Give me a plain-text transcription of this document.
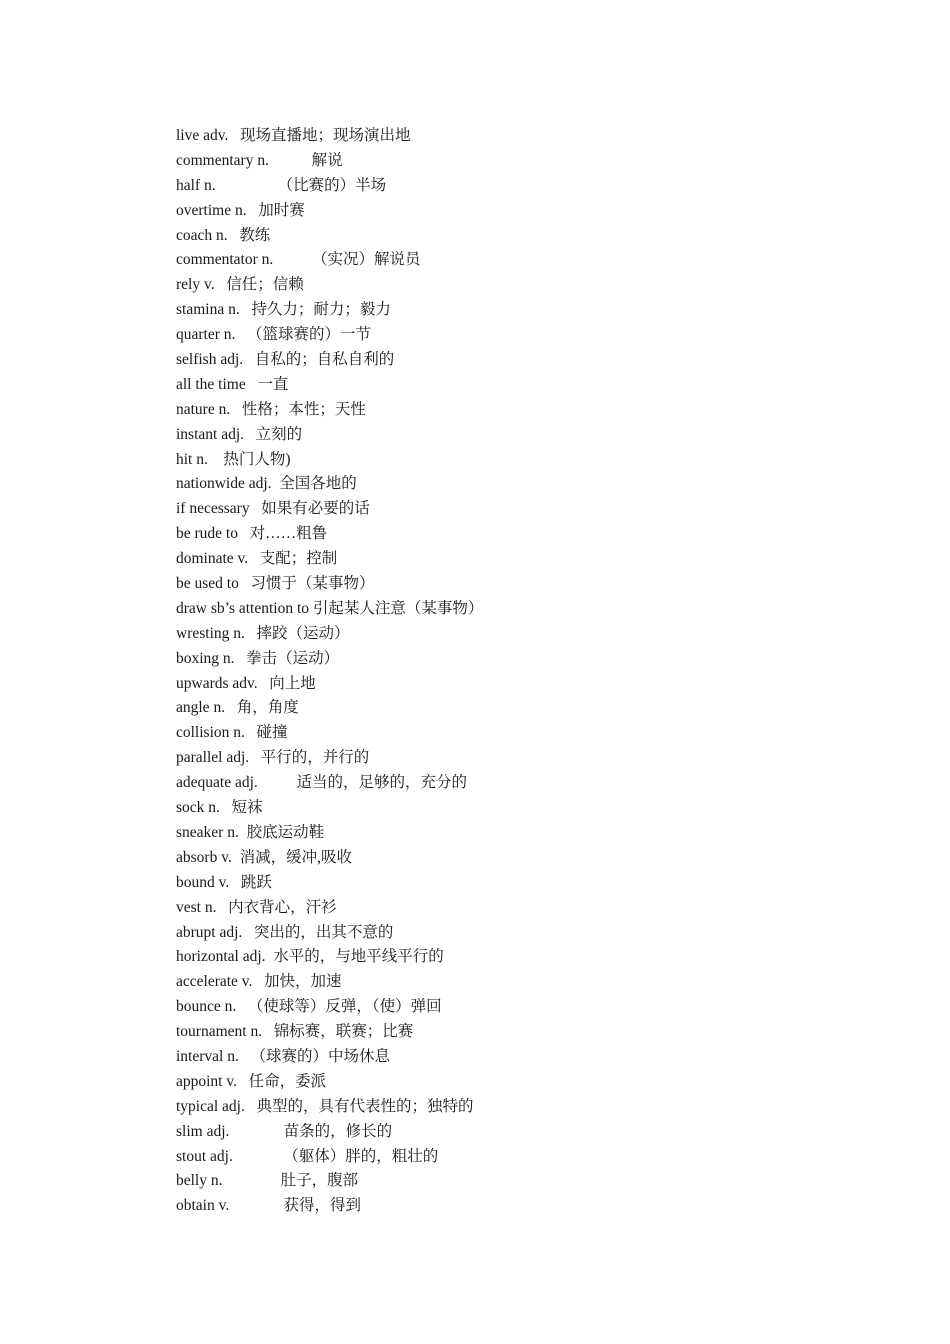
live adv.   现场直播地；现场演出地
commentary n.           解说
half n.                （比赛的）半场
overtime n.   加时赛
coach n.   教练
commentator n.          （实况）解说员
rely v.   信任；信赖
stamina n.   持久力；耐力；毅力
quarter n.   （篮球赛的）一节
selfish adj.   自私的；自私自利的
all the time   一直
nature n.   性格；本性；天性
instant adj.   立刻的
hit n.    热门人物)
nationwide adj.  全国各地的
if necessary   如果有必要的话
be rude to   对……粗鲁
dominate v.   支配；控制
be used to   习惯于（某事物）
draw sb’s attention to 引起某人注意（某事物）
wresting n.   摔跤（运动）
boxing n.   拳击（运动）
upwards adv.   向上地
angle n.   角，角度
collision n.   碰撞
parallel adj.   平行的，并行的
adequate adj.          适当的，足够的，充分的
sock n.   短袜
sneaker n.  胶底运动鞋
absorb v.  消减，缓冲,吸收
bound v.   跳跃
vest n.   内衣背心，汗衫
abrupt adj.   突出的，出其不意的
horizontal adj.  水平的，与地平线平行的
accelerate v.   加快，加速
bounce n.   （使球等）反弹，（使）弹回
tournament n.   锦标赛，联赛；比赛
interval n.   （球赛的）中场休息
appoint v.   任命，委派
typical adj.   典型的，具有代表性的；独特的
slim adj.              苗条的，修长的
stout adj.             （躯体）胖的，粗壮的
belly n.               肚子，腹部
obtain v.              获得，得到
